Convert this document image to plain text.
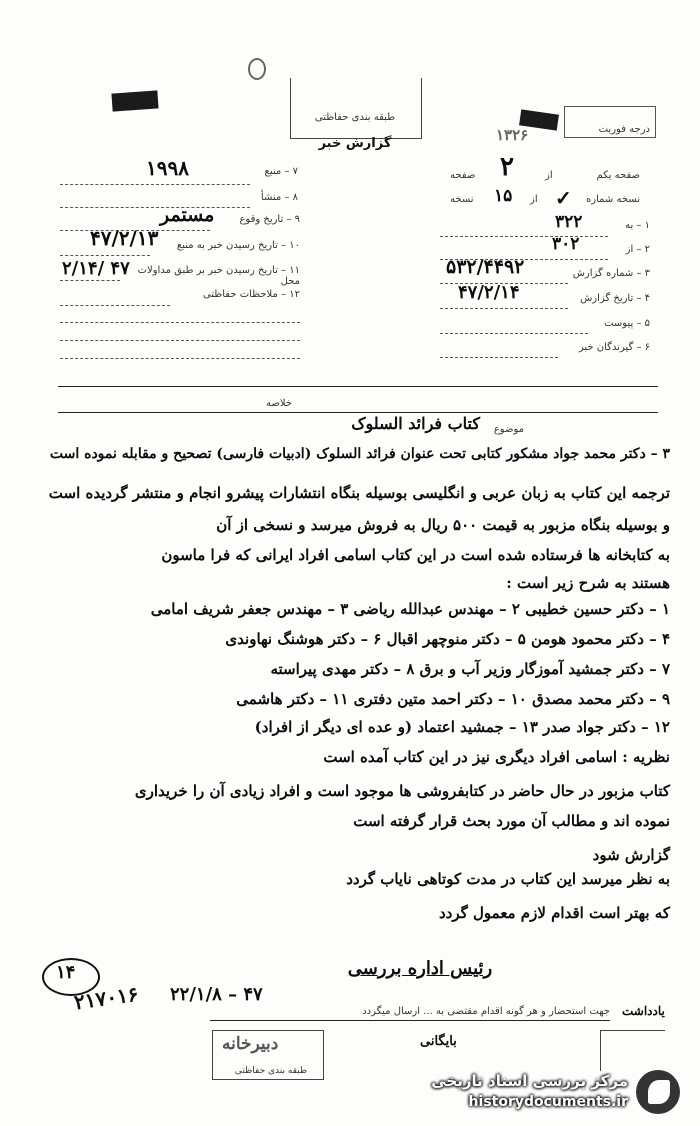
طبقه بندی حفاظتی
گزارش خبر
درجه فوریت
۱۳۲۶
۷ – منبع
۱۹۹۸
۸ – منشأ
۹ – تاریخ وقوع
مستمر
۱۰ – تاریخ رسیدن خبر به منبع
۴۷/۲/۱۳
۱۱ – تاریخ رسیدن خبر بر طبق مداولات محل
۲/۱۴/ ۴۷
۱۲ – ملاحظات حفاظتی
صفحه یکم
از
۲
صفحه
نسخه شماره
✓
از
۱۵
نسخه
۱ – به
۳۲۲
۲ – از
۳۰۲
۳ – شماره گزارش
۵۳۲/۴۴۹۲
۴ – تاریخ گزارش
۴۷/۲/۱۴
۵ – پیوست
۶ – گیرندگان خبر
خلاصه
موضوع
کتاب فرائد السلوک
۳ – دکتر محمد جواد مشکور کتابی تحت عنوان فرائد السلوک (ادبیات فارسی) تصحیح و مقابله نموده است
ترجمه این کتاب به زبان عربی و انگلیسی بوسیله بنگاه انتشارات پیشرو انجام و منتشر گردیده است
و بوسیله بنگاه مزبور به قیمت ۵۰۰ ریال به فروش میرسد و نسخی از آن
به کتابخانه ها فرستاده شده است در این کتاب اسامی افراد ایرانی که فرا ماسون
هستند به شرح زیر است :
۱ – دکتر حسین خطیبی ۲ – مهندس عبدالله ریاضی ۳ – مهندس جعفر شریف امامی
۴ – دکتر محمود هومن ۵ – دکتر منوچهر اقبال ۶ – دکتر هوشنگ نهاوندی
۷ – دکتر جمشید آموزگار وزیر آب و برق ۸ – دکتر مهدی پیراسته
۹ – دکتر محمد مصدق ۱۰ – دکتر احمد متین دفتری ۱۱ – دکتر هاشمی
۱۲ – دکتر جواد صدر ۱۳ – جمشید اعتماد (و عده ای دیگر از افراد)
نظریه : اسامی افراد دیگری نیز در این کتاب آمده است
کتاب مزبور در حال حاضر در کتابفروشی ها موجود است و افراد زیادی آن را خریداری
نموده اند و مطالب آن مورد بحث قرار گرفته است
گزارش شود
به نظر میرسد این کتاب در مدت کوتاهی نایاب گردد
که بهتر است اقدام لازم معمول گردد
رئیس اداره بررسی
۲۲/۱/۸ – ۴۷
۱۴
۲۱۷۰۱۶	جهت استحضار و هر گونه اقدام مقتضی به ... ارسال میگردد یادداشت
دبیرخانه
طبقه بندی حفاظتی
بایگانی
مرکز بررسی اسناد تاریخی
historydocuments.ir
